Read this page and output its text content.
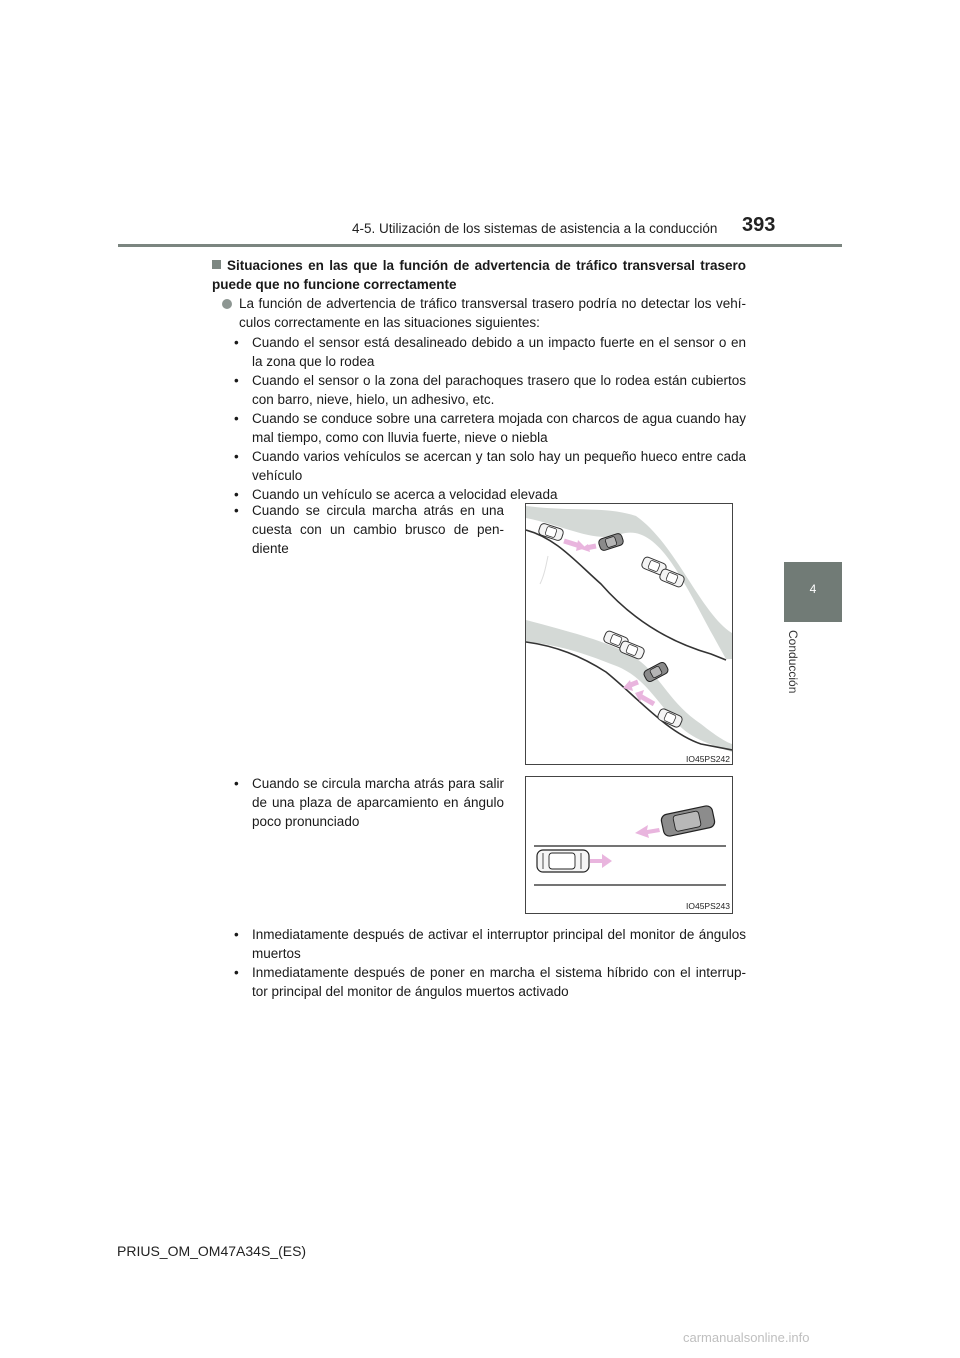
4-5. Utilización de los sistemas de asistencia a la conducción 393
4
Conducción
Situaciones en las que la función de advertencia de tráfico transversal trasero puede que no funcione correctamente
La función de advertencia de tráfico transversal trasero podría no detectar los vehí- culos correctamente en las situaciones siguientes:
• Cuando el sensor está desalineado debido a un impacto fuerte en el sensor o en la zona que lo rodea
• Cuando el sensor o la zona del parachoques trasero que lo rodea están cubiertos con barro, nieve, hielo, un adhesivo, etc.
• Cuando se conduce sobre una carretera mojada con charcos de agua cuando hay mal tiempo, como con lluvia fuerte, nieve o niebla
• Cuando varios vehículos se acercan y tan solo hay un pequeño hueco entre cada vehículo
• Cuando un vehículo se acerca a velocidad elevada
• Cuando se circula marcha atrás en una cuesta con un cambio brusco de pen- diente
IO45PS242
• Cuando se circula marcha atrás para salir de una plaza de aparcamiento en ángulo poco pronunciado
IO45PS243
• Inmediatamente después de activar el interruptor principal del monitor de ángulos muertos
• Inmediatamente después de poner en marcha el sistema híbrido con el interrup- tor principal del monitor de ángulos muertos activado
PRIUS_OM_OM47A34S_(ES)
carmanualsonline.info
